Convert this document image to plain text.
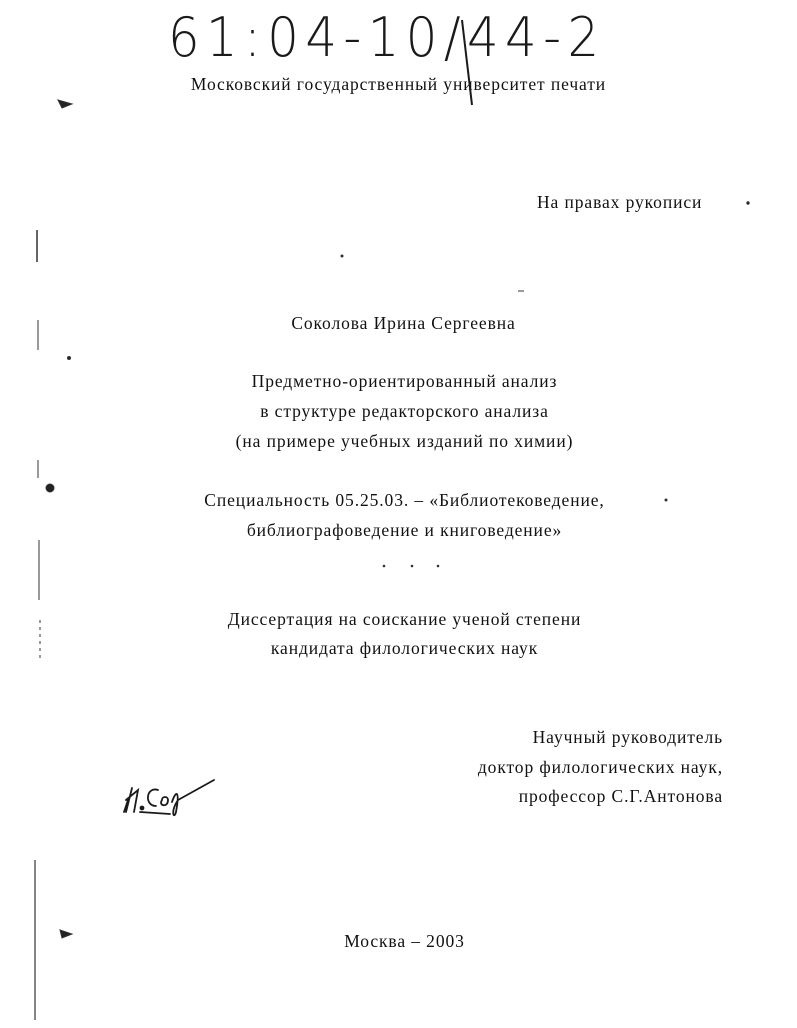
61:04-10/44-2
Московский государственный университет печати
На правах рукописи
Соколова Ирина Сергеевна
Предметно-ориентированный анализ
в структуре редакторского анализа
(на примере учебных изданий по химии)
Специальность 05.25.03. – «Библиотековедение,
библиографоведение и книговедение»
Диссертация на соискание ученой степени
кандидата филологических наук
Научный руководитель
доктор филологических наук,
профессор С.Г.Антонова
Москва – 2003
